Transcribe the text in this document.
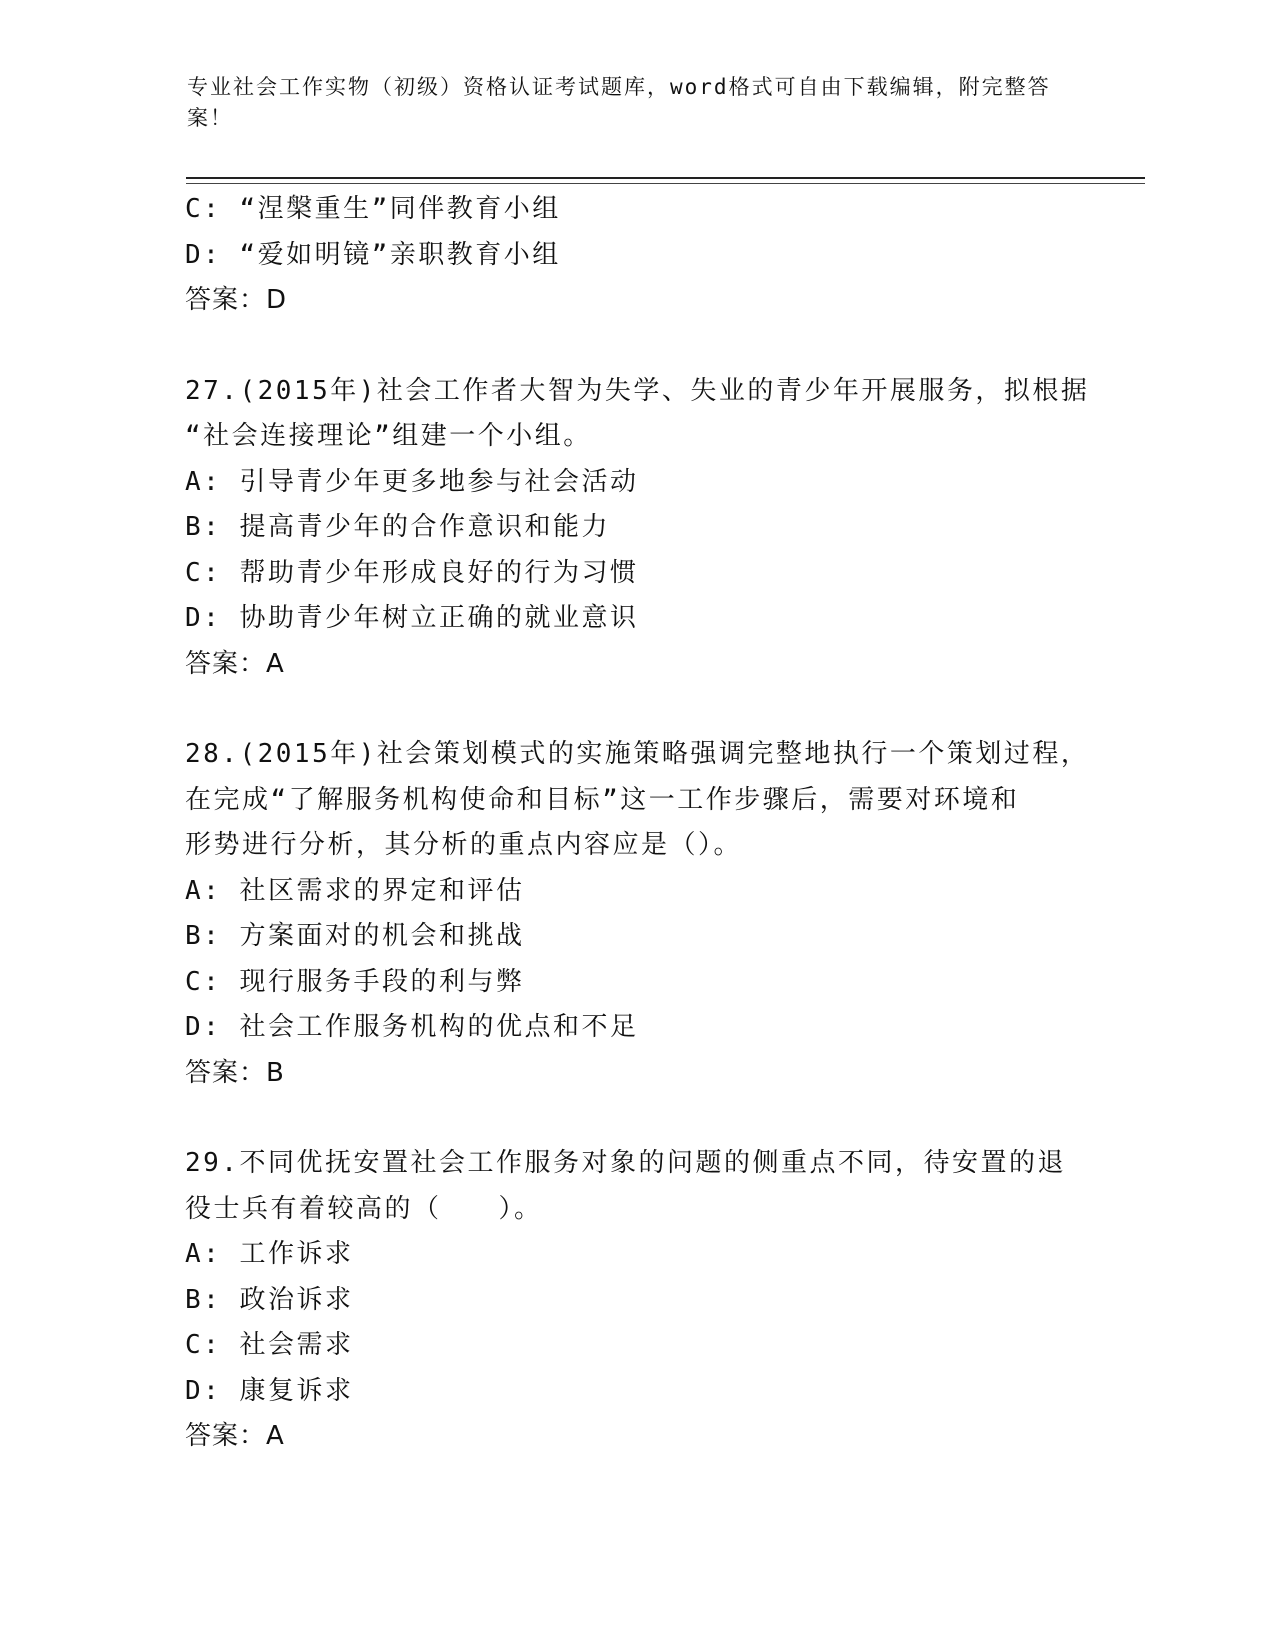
专业社会工作实物（初级）资格认证考试题库，word格式可自由下载编辑，附完整答案！
C:  “涅槃重生”同伴教育小组
D:  “爱如明镜”亲职教育小组
答案：D
27.(2015年)社会工作者大智为失学、失业的青少年开展服务，拟根据
“社会连接理论”组建一个小组。
A:  引导青少年更多地参与社会活动
B:  提高青少年的合作意识和能力
C:  帮助青少年形成良好的行为习惯
D:  协助青少年树立正确的就业意识
答案：A
28.(2015年)社会策划模式的实施策略强调完整地执行一个策划过程，
在完成“了解服务机构使命和目标”这一工作步骤后，需要对环境和
形势进行分析，其分析的重点内容应是（）。
A:  社区需求的界定和评估
B:  方案面对的机会和挑战
C:  现行服务手段的利与弊
D:  社会工作服务机构的优点和不足
答案：B
29.不同优抚安置社会工作服务对象的问题的侧重点不同，待安置的退
役士兵有着较高的（　　）。
A:  工作诉求
B:  政治诉求
C:  社会需求
D:  康复诉求
答案：A
